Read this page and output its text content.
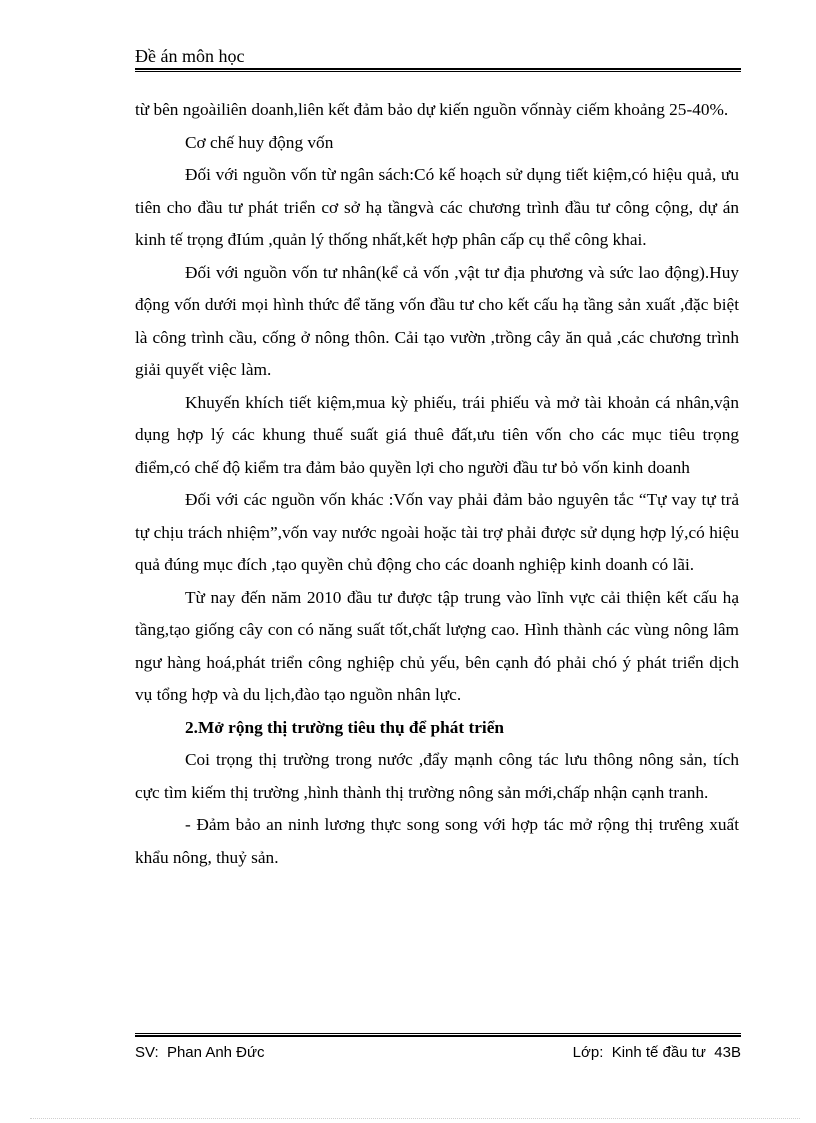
Đề án môn học

từ bên ngoàiliên doanh,liên kết đảm bảo dự kiến nguồn vốnnày ciếm khoảng 25-40%.

Cơ chế huy động vốn

Đối với nguồn vốn từ ngân sách:Có kế hoạch sử dụng tiết kiệm,có hiệu quả, ưu tiên cho đầu tư phát triển cơ sở hạ tầngvà các chương trình đầu tư công cộng, dự án kinh tế trọng đIúm ,quản lý thống nhất,kết hợp phân cấp cụ thể công khai.

Đối với nguồn vốn tư nhân(kể cả vốn ,vật tư địa phương và sức lao động).Huy động vốn dưới mọi hình thức để tăng vốn đầu tư cho kết cấu hạ tầng sản xuất ,đặc biệt là công trình cầu, cống ở nông thôn. Cải tạo vườn ,trồng cây ăn quả ,các chương trình giải quyết việc làm.

Khuyến khích tiết kiệm,mua kỳ phiếu, trái phiếu và mở tài khoản cá nhân,vận dụng hợp lý các khung thuế suất giá thuê đất,ưu tiên vốn cho các mục tiêu trọng điểm,có chế độ kiểm tra đảm bảo quyền lợi cho người đầu tư bỏ vốn kinh doanh

Đối với các nguồn vốn khác :Vốn vay phải đảm bảo nguyên tắc “Tự vay tự trả tự chịu trách nhiệm”,vốn vay nước ngoài hoặc tài trợ phải được sử dụng hợp lý,có hiệu quả đúng mục đích ,tạo quyền chủ động cho các doanh nghiệp kinh doanh có lãi.

Từ nay đến năm 2010 đầu tư được tập trung vào lĩnh vực cải thiện kết cấu hạ tầng,tạo giống cây con có năng suất tốt,chất lượng cao. Hình thành các vùng nông lâm ngư hàng hoá,phát triển công nghiệp chủ yếu, bên cạnh đó phải chó ý phát triển dịch vụ tổng hợp và du lịch,đào tạo nguồn nhân lực.

2.Mở rộng thị trường tiêu thụ để phát triển

Coi trọng thị trường trong nước ,đẩy mạnh công tác lưu thông nông sản, tích cực tìm kiếm thị trường ,hình thành thị trường nông sản mới,chấp nhận cạnh tranh.

- Đảm bảo an ninh lương thực song song với hợp tác mở rộng thị trưêng xuất khẩu nông, thuỷ sản.

SV:  Phan Anh Đức	Lớp:  Kinh tế đầu tư  43B
